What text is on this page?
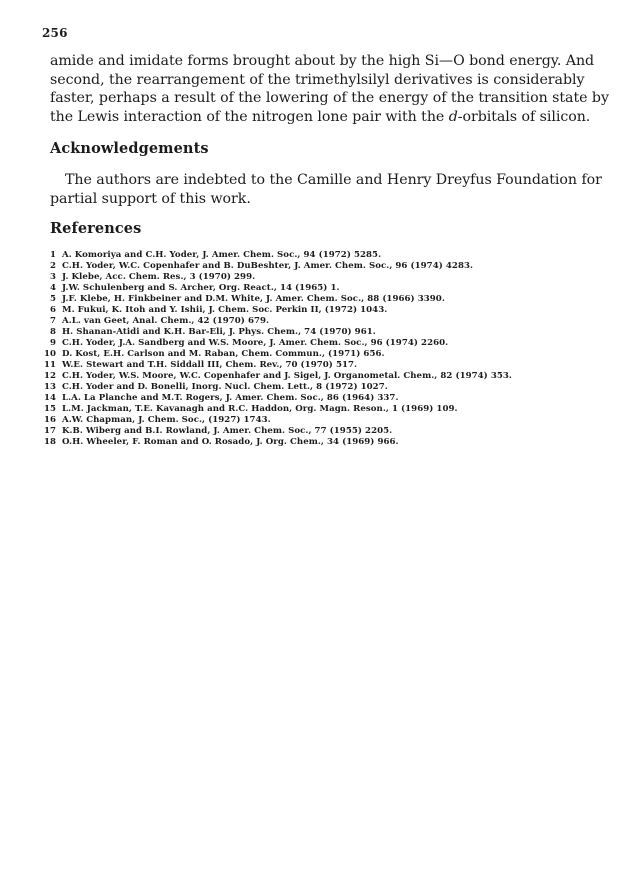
256
amide and imidate forms brought about by the high Si—O bond energy. And
second, the rearrangement of the trimethylsilyl derivatives is considerably
faster, perhaps a result of the lowering of the energy of the transition state by
the Lewis interaction of the nitrogen lone pair with the d-orbitals of silicon.
Acknowledgements
The authors are indebted to the Camille and Henry Dreyfus Foundation for
partial support of this work.
References
1 A. Komoriya and C.H. Yoder, J. Amer. Chem. Soc., 94 (1972) 5285.
2 C.H. Yoder, W.C. Copenhafer and B. DuBeshter, J. Amer. Chem. Soc., 96 (1974) 4283.
3 J. Klebe, Acc. Chem. Res., 3 (1970) 299.
4 J.W. Schulenberg and S. Archer, Org. React., 14 (1965) 1.
5 J.F. Klebe, H. Finkbeiner and D.M. White, J. Amer. Chem. Soc., 88 (1966) 3390.
6 M. Fukui, K. Itoh and Y. Ishii, J. Chem. Soc. Perkin II, (1972) 1043.
7 A.L. van Geet, Anal. Chem., 42 (1970) 679.
8 H. Shanan-Atidi and K.H. Bar-Eli, J. Phys. Chem., 74 (1970) 961.
9 C.H. Yoder, J.A. Sandberg and W.S. Moore, J. Amer. Chem. Soc., 96 (1974) 2260.
10 D. Kost, E.H. Carlson and M. Raban, Chem. Commun., (1971) 656.
11 W.E. Stewart and T.H. Siddall III, Chem. Rev., 70 (1970) 517.
12 C.H. Yoder, W.S. Moore, W.C. Copenhafer and J. Sigel, J. Organometal. Chem., 82 (1974) 353.
13 C.H. Yoder and D. Bonelli, Inorg. Nucl. Chem. Lett., 8 (1972) 1027.
14 L.A. La Planche and M.T. Rogers, J. Amer. Chem. Soc., 86 (1964) 337.
15 L.M. Jackman, T.E. Kavanagh and R.C. Haddon, Org. Magn. Reson., 1 (1969) 109.
16 A.W. Chapman, J. Chem. Soc., (1927) 1743.
17 K.B. Wiberg and B.I. Rowland, J. Amer. Chem. Soc., 77 (1955) 2205.
18 O.H. Wheeler, F. Roman and O. Rosado, J. Org. Chem., 34 (1969) 966.
